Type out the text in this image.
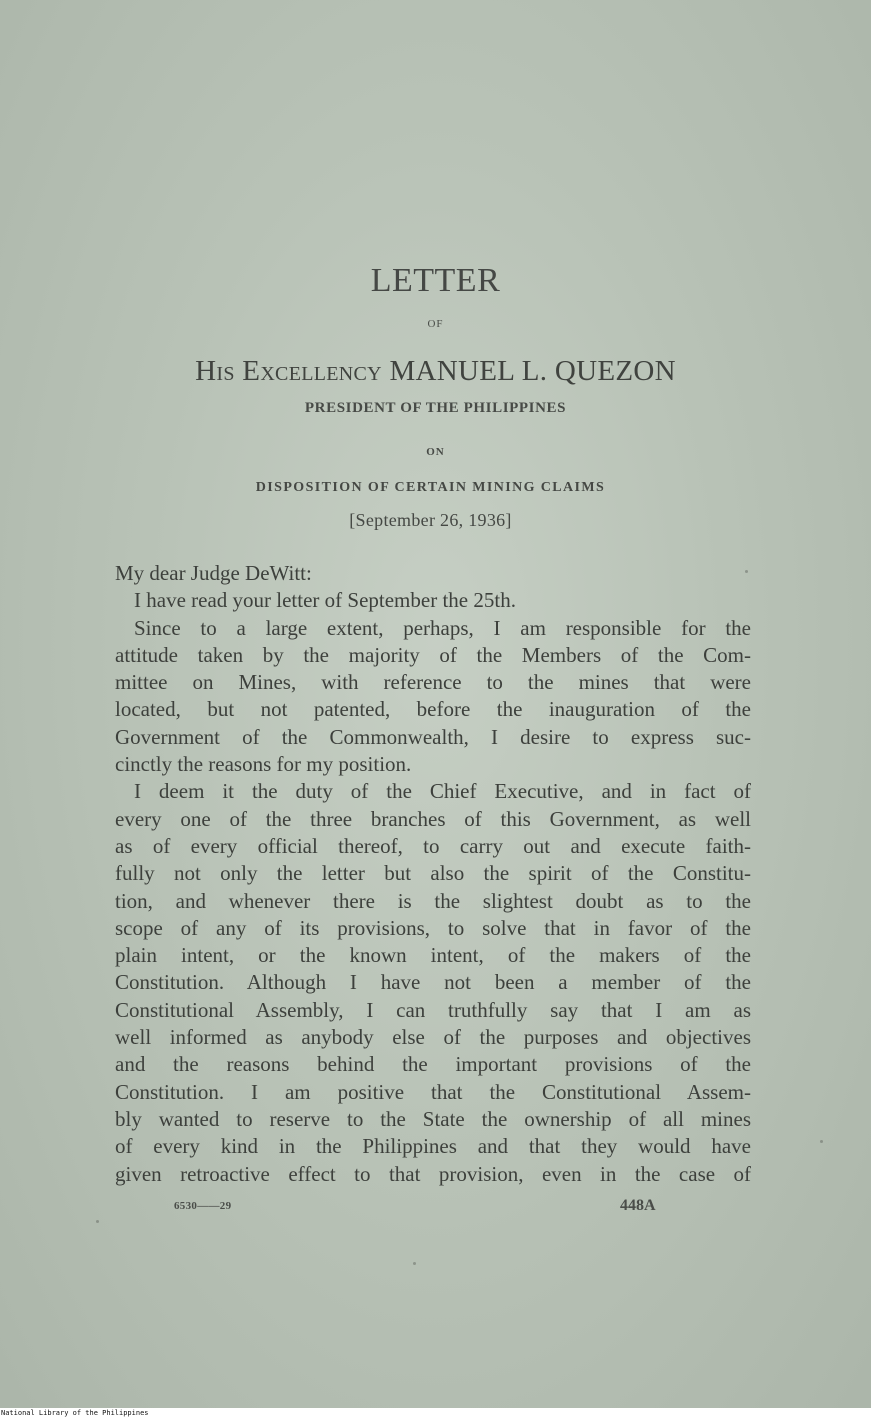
LETTER
OF
His Excellency MANUEL L. QUEZON
PRESIDENT OF THE PHILIPPINES
ON
DISPOSITION OF CERTAIN MINING CLAIMS
[September 26, 1936]
My dear Judge DeWitt:
I have read your letter of September the 25th.
Since to a large extent, perhaps, I am responsible for the
attitude taken by the majority of the Members of the Com-
mittee on Mines, with reference to the mines that were
located, but not patented, before the inauguration of the
Government of the Commonwealth, I desire to express suc-
cinctly the reasons for my position.
I deem it the duty of the Chief Executive, and in fact of
every one of the three branches of this Government, as well
as of every official thereof, to carry out and execute faith-
fully not only the letter but also the spirit of the Constitu-
tion, and whenever there is the slightest doubt as to the
scope of any of its provisions, to solve that in favor of the
plain intent, or the known intent, of the makers of the
Constitution. Although I have not been a member of the
Constitutional Assembly, I can truthfully say that I am as
well informed as anybody else of the purposes and objectives
and the reasons behind the important provisions of the
Constitution. I am positive that the Constitutional Assem-
bly wanted to reserve to the State the ownership of all mines
of every kind in the Philippines and that they would have
given retroactive effect to that provision, even in the case of
6530——29	448A
National Library of the Philippines
